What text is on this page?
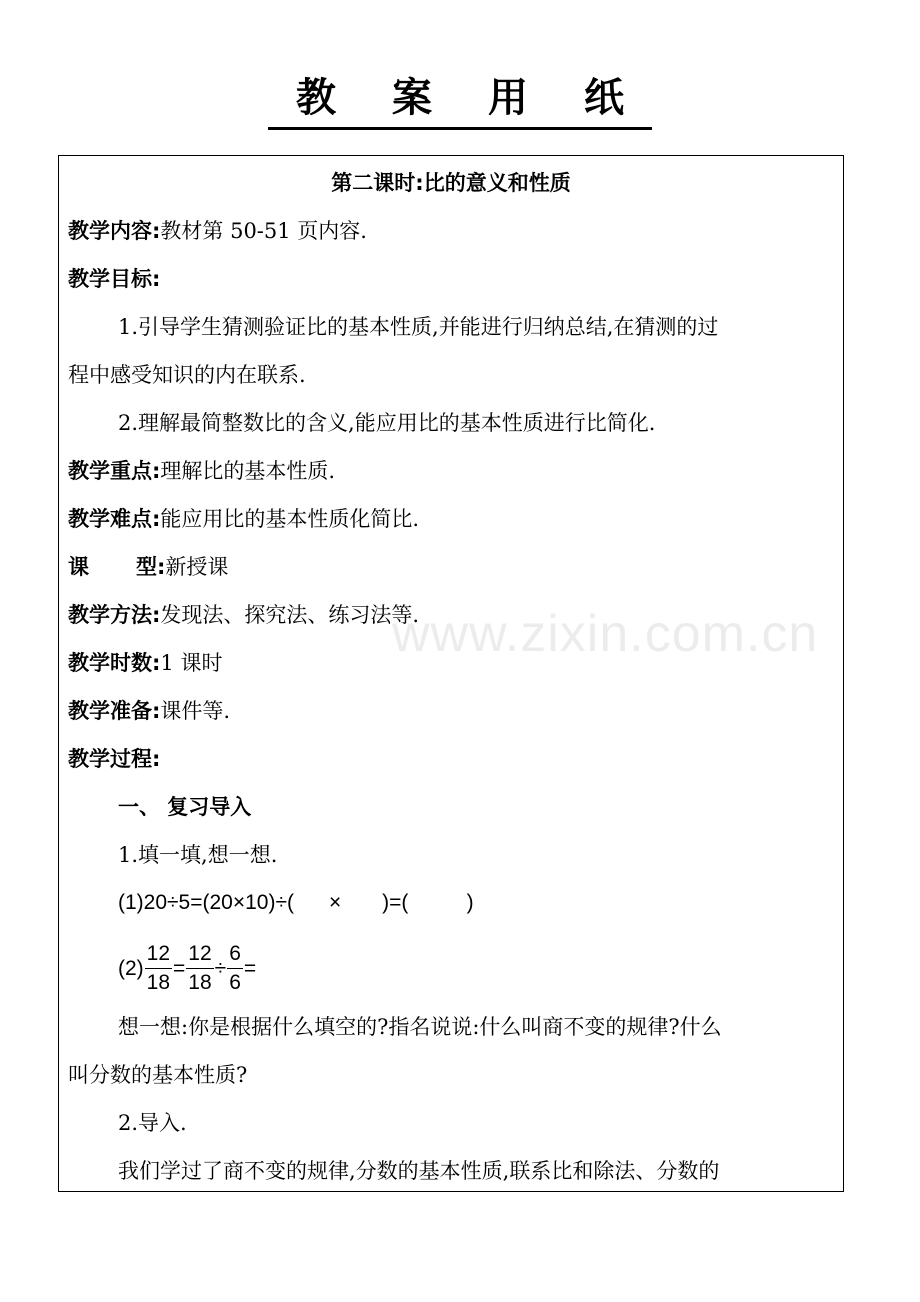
教 案 用 纸
第二课时:比的意义和性质
教学内容:教材第 50-51 页内容.
教学目标:
1.引导学生猜测验证比的基本性质,并能进行归纳总结,在猜测的过
程中感受知识的内在联系.
2.理解最简整数比的含义,能应用比的基本性质进行比简化.
教学重点:理解比的基本性质.
教学难点:能应用比的基本性质化简比.
课 型:新授课
教学方法:发现法、探究法、练习法等.
教学时数:1 课时
教学准备:课件等.
教学过程:
一、 复习导入
1.填一填,想一想.
(1)20÷5=(20×10)÷(      ×       )=(          )
$(2) \frac{12}{18} = \frac{12}{18} \div \frac{6}{6}$ =
想一想:你是根据什么填空的?指名说说:什么叫商不变的规律?什么
叫分数的基本性质?
2.导入.
我们学过了商不变的规律,分数的基本性质,联系比和除法、分数的
www.zixin.com.cn
